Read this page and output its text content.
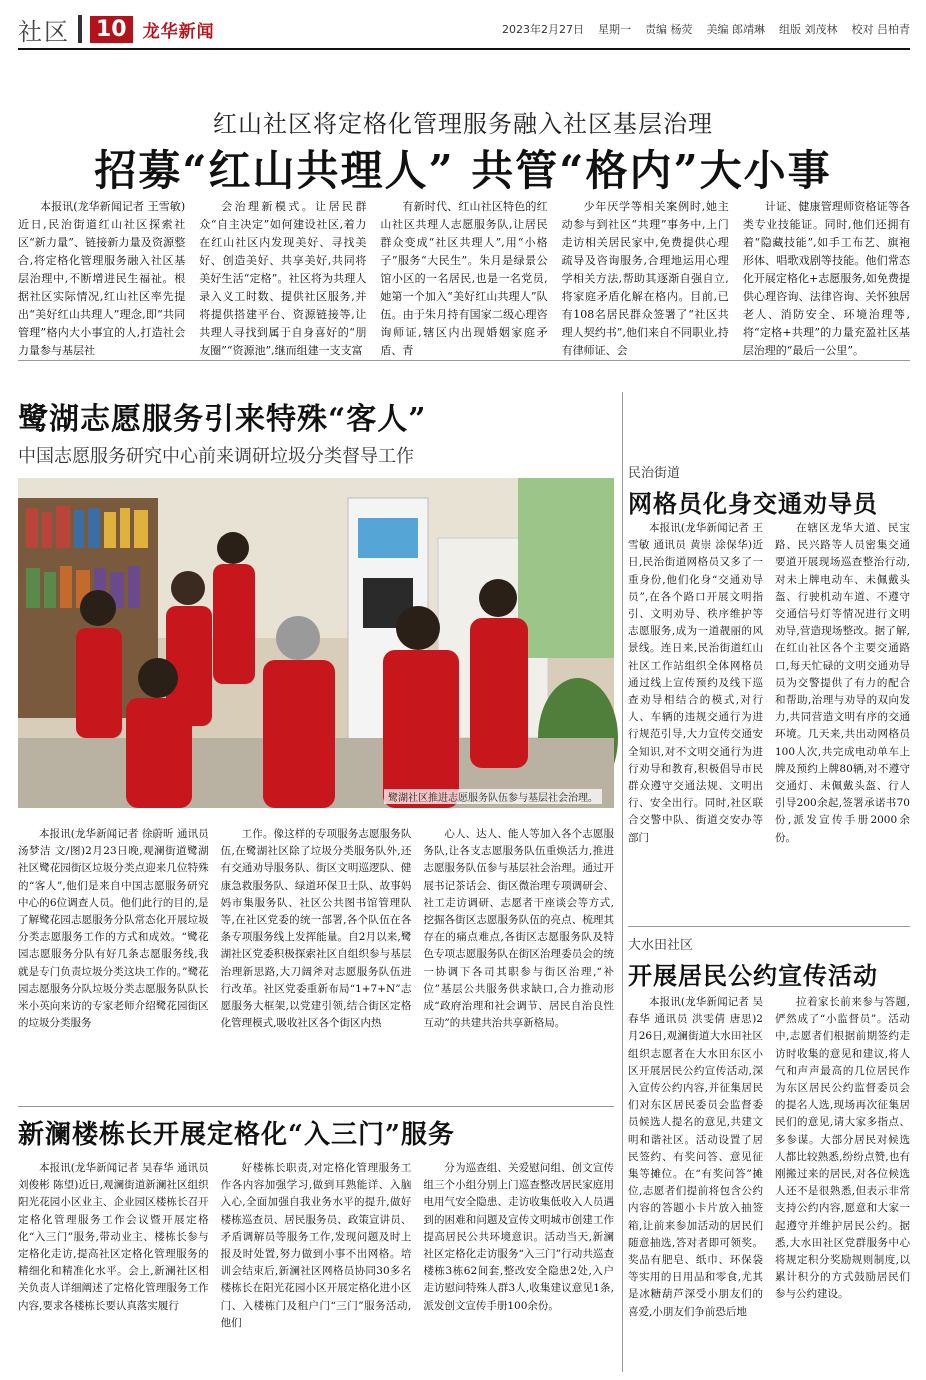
社区 10 龙华新闻	2023年2月27日 星期一 责编 杨荧 美编 郎靖琳 组版 刘茂林 校对 吕柏青
红山社区将定格化管理服务融入社区基层治理
招募“红山共理人” 共管“格内”大小事

本报讯(龙华新闻记者 王雪敏)近日,民治街道红山社区探索社区“新力量”、链接新力量及资源整合,将定格化管理服务融入社区基层治理中,不断增进民生福祉。根据社区实际情况,红山社区率先提出“美好红山共理人”理念,即“共同管理”格内大小事宜的人,打造社会力量参与基层社

会治理新模式。让居民群众“自主决定”如何建设社区,着力在红山社区内发现美好、寻找美好、创造美好、共享美好,共同将美好生活“定格”。社区将为共理人录入义工时数、提供社区服务,并将提供搭建平台、资源链接等,让共理人寻找到属于自身喜好的“朋友圈”“资源池”,继而组建一支支富

有新时代、红山社区特色的红山社区共理人志愿服务队,让居民群众变成“社区共理人”,用“小格子”服务“大民生”。朱月是绿景公馆小区的一名居民,也是一名党员,她第一个加入“美好红山共理人”队伍。由于朱月持有国家二级心理咨询师证,辖区内出现婚姻家庭矛盾、青

少年厌学等相关案例时,她主动参与到社区“共理”事务中,上门走访相关居民家中,免费提供心理疏导及咨询服务,合理地运用心理学相关方法,帮助其逐渐自强自立,将家庭矛盾化解在格内。目前,已有108名居民群众签署了“社区共理人契约书”,他们来自不同职业,持有律师证、会

计证、健康管理师资格证等各类专业技能证。同时,他们还拥有着“隐藏技能”,如手工布艺、旗袍形体、唱歌戏剧等技能。他们常态化开展定格化+志愿服务,如免费提供心理咨询、法律咨询、关怀独居老人、消防安全、环境治理等,将“定格+共理”的力量充盈社区基层治理的“最后一公里”。

鹭湖志愿服务引来特殊“客人”
中国志愿服务研究中心前来调研垃圾分类督导工作
鹭湖社区推进志愿服务队伍参与基层社会治理。

本报讯(龙华新闻记者 徐蔚昕 通讯员 汤梦洁 文/图)2月23日晚,观澜街道鹭湖社区鹭花园街区垃圾分类点迎来几位特殊的“客人”,他们是来自中国志愿服务研究中心的6位调查人员。他们此行的目的,是了解鹭花园志愿服务分队常态化开展垃圾分类志愿服务工作的方式和成效。“鹭花园志愿服务分队有好几条志愿服务线,我就是专门负责垃圾分类这块工作的。”鹭花园志愿服务分队垃圾分类志愿服务队队长米小英向来访的专家老师介绍鹭花园街区的垃圾分类服务

工作。像这样的专项服务志愿服务队伍,在鹭湖社区除了垃圾分类服务队外,还有交通劝导服务队、街区文明巡逻队、健康急救服务队、绿道环保卫士队、故事妈妈市集服务队、社区公共图书馆管理队等,在社区党委的统一部署,各个队伍在各条专项服务线上发挥能量。自2月以来,鹭湖社区党委积极探索社区自组织参与基层治理新思路,大刀阔斧对志愿服务队伍进行改革。社区党委重新布局“1+7+N”志愿服务大框架,以党建引领,结合街区定格化管理模式,吸收社区各个街区内热

心人、达人、能人等加入各个志愿服务队,让各支志愿服务队伍重焕活力,推进志愿服务队伍参与基层社会治理。通过开展书记茶话会、街区微治理专项调研会、社工走访调研、志愿者干座谈会等方式,挖掘各街区志愿服务队伍的亮点、梳理其存在的痛点难点,各街区志愿服务队及特色专项志愿服务队在街区治理委员会的统一协调下各司其职参与街区治理,“补位”基层公共服务供求缺口,合力推动形成“政府治理和社会调节、居民自治良性互动”的共建共治共享新格局。

新澜楼栋长开展定格化“入三门”服务

本报讯(龙华新闻记者 吴春华 通讯员 刘俊彬 陈望)近日,观澜街道新澜社区组织阳光花园小区业主、企业园区楼栋长召开定格化管理服务工作会议暨开展定格化“入三门”服务,带动业主、楼栋长参与定格化走访,提高社区定格化管理服务的精细化和精准化水平。会上,新澜社区相关负责人详细阐述了定格化管理服务工作内容,要求各楼栋长要认真落实履行

好楼栋长职责,对定格化管理服务工作各内容加强学习,做到耳熟能详、入脑入心,全面加强自我业务水平的提升,做好楼栋巡查员、居民服务员、政策宣讲员、矛盾调解员等服务工作,发现问题及时上报及时处置,努力做到小事不出网格。培训会结束后,新澜社区网格员协同30多名楼栋长在阳光花园小区开展定格化进小区门、入楼栋门及租户门“三门”服务活动,他们

分为巡查组、关爱慰问组、创文宣传组三个小组分别上门巡查整改居民家庭用电用气安全隐患、走访收集低收入人员遇到的困难和问题及宣传文明城市创建工作提高居民公共环境意识。活动当天,新澜社区定格化走访服务“入三门”行动共巡查楼栋3栋62间套,整改安全隐患2处,入户走访慰问特殊人群3人,收集建议意见1条,派发创文宣传手册100余份。

民治街道
网格员化身交通劝导员

本报讯(龙华新闻记者 王雪敏 通讯员 黄崇 涂保华)近日,民治街道网格员又多了一重身份,他们化身“交通劝导员”,在各个路口开展文明指引、文明劝导、秩序维护等志愿服务,成为一道靓丽的风景线。连日来,民治街道红山社区工作站组织全体网格员通过线上宣传预约及线下巡查劝导相结合的模式,对行人、车辆的违规交通行为进行规范引导,大力宣传交通安全知识,对不文明交通行为进行劝导和教育,积极倡导市民群众遵守交通法规、文明出行、安全出行。同时,社区联合交警中队、街道交安办等部门

在辖区龙华大道、民宝路、民兴路等人员密集交通要道开展现场巡查整治行动,对未上牌电动车、未佩戴头盔、行驶机动车道、不遵守交通信号灯等情况进行文明劝导,营造现场整改。据了解,在红山社区各个主要交通路口,每天忙碌的文明交通劝导员为交警提供了有力的配合和帮助,治理与劝导的双向发力,共同营造文明有序的交通环境。几天来,共出动网格员100人次,共完成电动单车上牌及预约上牌80辆,对不遵守交通灯、未佩戴头盔、行人引导200余起,签署承诺书70份,派发宣传手册2000余份。

大水田社区
开展居民公约宣传活动

本报讯(龙华新闻记者 吴春华 通讯员 洪雯倩 唐思)2月26日,观澜街道大水田社区组织志愿者在大水田东区小区开展居民公约宣传活动,深入宣传公约内容,并征集居民们对东区居民委员会监督委员候选人提名的意见,共建文明和谐社区。活动设置了居民签约、有奖问答、意见征集等摊位。在“有奖问答”摊位,志愿者们提前将包含公约内容的答题小卡片放入抽签箱,让前来参加活动的居民们随意抽选,答对者即可领奖。奖品有肥皂、纸巾、环保袋等实用的日用品和零食,尤其是冰糖葫芦深受小朋友们的喜爱,小朋友们争前恐后地

拉着家长前来参与答题,俨然成了“小监督员”。活动中,志愿者们根据前期签约走访时收集的意见和建议,将人气和声声最高的几位居民作为东区居民公约监督委员会的提名人选,现场再次征集居民们的意见,请大家多指点、多参谋。大部分居民对候选人都比较熟悉,纷纷点赞,也有刚搬过来的居民,对各位候选人还不是很熟悉,但表示非常支持公约内容,愿意和大家一起遵守并维护居民公约。据悉,大水田社区党群服务中心将规定积分奖励规则制度,以累计积分的方式鼓励居民们参与公约建设。
